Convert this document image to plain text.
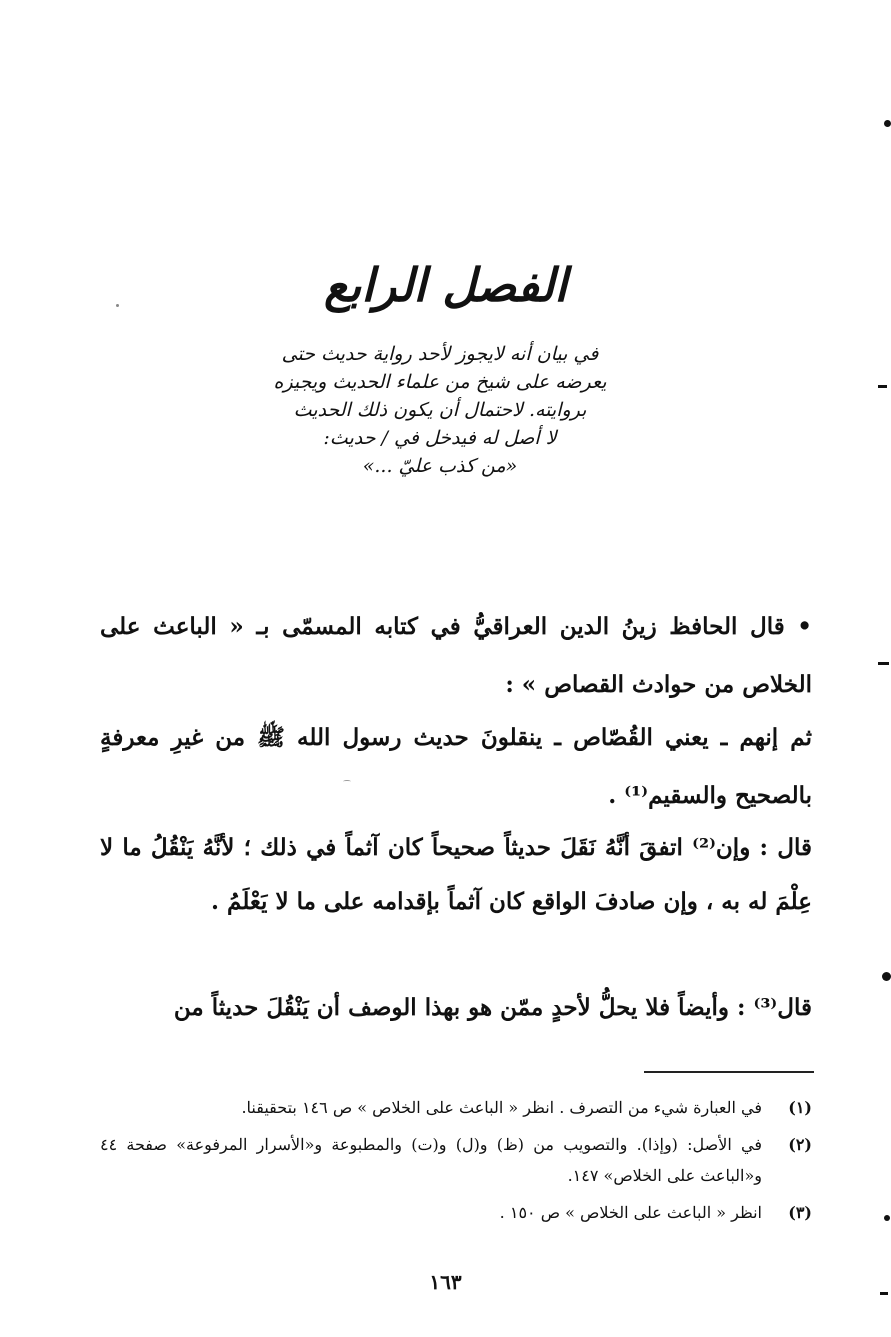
الفصل الرابع
في بيان أنه لايجوز لأحد رواية حديث حتى
يعرضه على شيخ من علماء الحديث ويجيزه
بروايته. لاحتمال أن يكون ذلك الحديث
لا أصل له فيدخل في / حديث:
«من كذب عليّ ...»

• قال الحافظ زينُ الدين العراقيُّ في كتابه المسمّى بـ « الباعث على الخلاص من حوادث القصاص » :

ثم إنهم ـ يعني القُصّاص ـ ينقلونَ حديث رسول الله ﷺ من غيرِ معرفةٍ بالصحيح والسقيم⁽¹⁾ .

قال : وإن⁽²⁾ اتفقَ أنَّهُ نَقَلَ حديثاً صحيحاً كان آثماً في ذلك ؛ لأنَّهُ يَنْقُلُ ما لا عِلْمَ له به ، وإن صادفَ الواقع كان آثماً بإقدامه على ما لا يَعْلَمُ .

قال⁽³⁾ : وأيضاً فلا يحلُّ لأحدٍ ممّن هو بهذا الوصف أن يَنْقُلَ حديثاً من

(١)
في العبارة شيء من التصرف . انظر « الباعث على الخلاص » ص ١٤٦ بتحقيقنا.
(٢)
في الأصل: (وإذا). والتصويب من (ظ) و(ل) و(ت) والمطبوعة و«الأسرار المرفوعة» صفحة ٤٤ و«الباعث على الخلاص» ١٤٧.
(٣)
انظر « الباعث على الخلاص » ص ١٥٠ .
١٦٣
